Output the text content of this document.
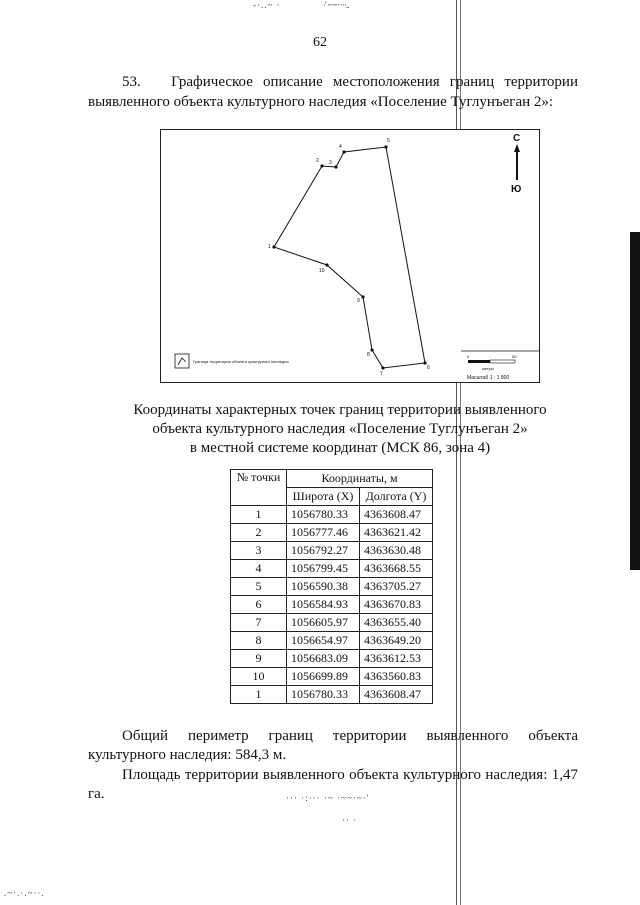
-·..~ ·	·' ·~·~ ···..
··· ·:··· ·~ ·~~·~·'
·· ·
.~·.·.~··.
62
53. Графическое описание местоположения границ территории выявленного объекта культурного наследия «Поселение Туглунъеган 2»:
1
2 3
4
5
6
7
8
9
10
С
Ю
Граница территории объекта культурного наследия
0	50
метры
Масштаб 1 : 1 800
Координаты характерных точек границ территории выявленного
объекта культурного наследия «Поселение Туглунъеган 2»
в местной системе координат (МСК 86, зона 4)
№ точки	Координаты, м	
	Широта (X)	Долгота (Y)
1	1056780.33	4363608.47
2	1056777.46	4363621.42
3	1056792.27	4363630.48
4	1056799.45	4363668.55
5	1056590.38	4363705.27
6	1056584.93	4363670.83
7	1056605.97	4363655.40
8	1056654.97	4363649.20
9	1056683.09	4363612.53
10	1056699.89	4363560.83
1	1056780.33	4363608.47
Общий периметр границ территории выявленного объекта культурного наследия: 584,3 м.
Площадь территории выявленного объекта культурного наследия: 1,47 га.
